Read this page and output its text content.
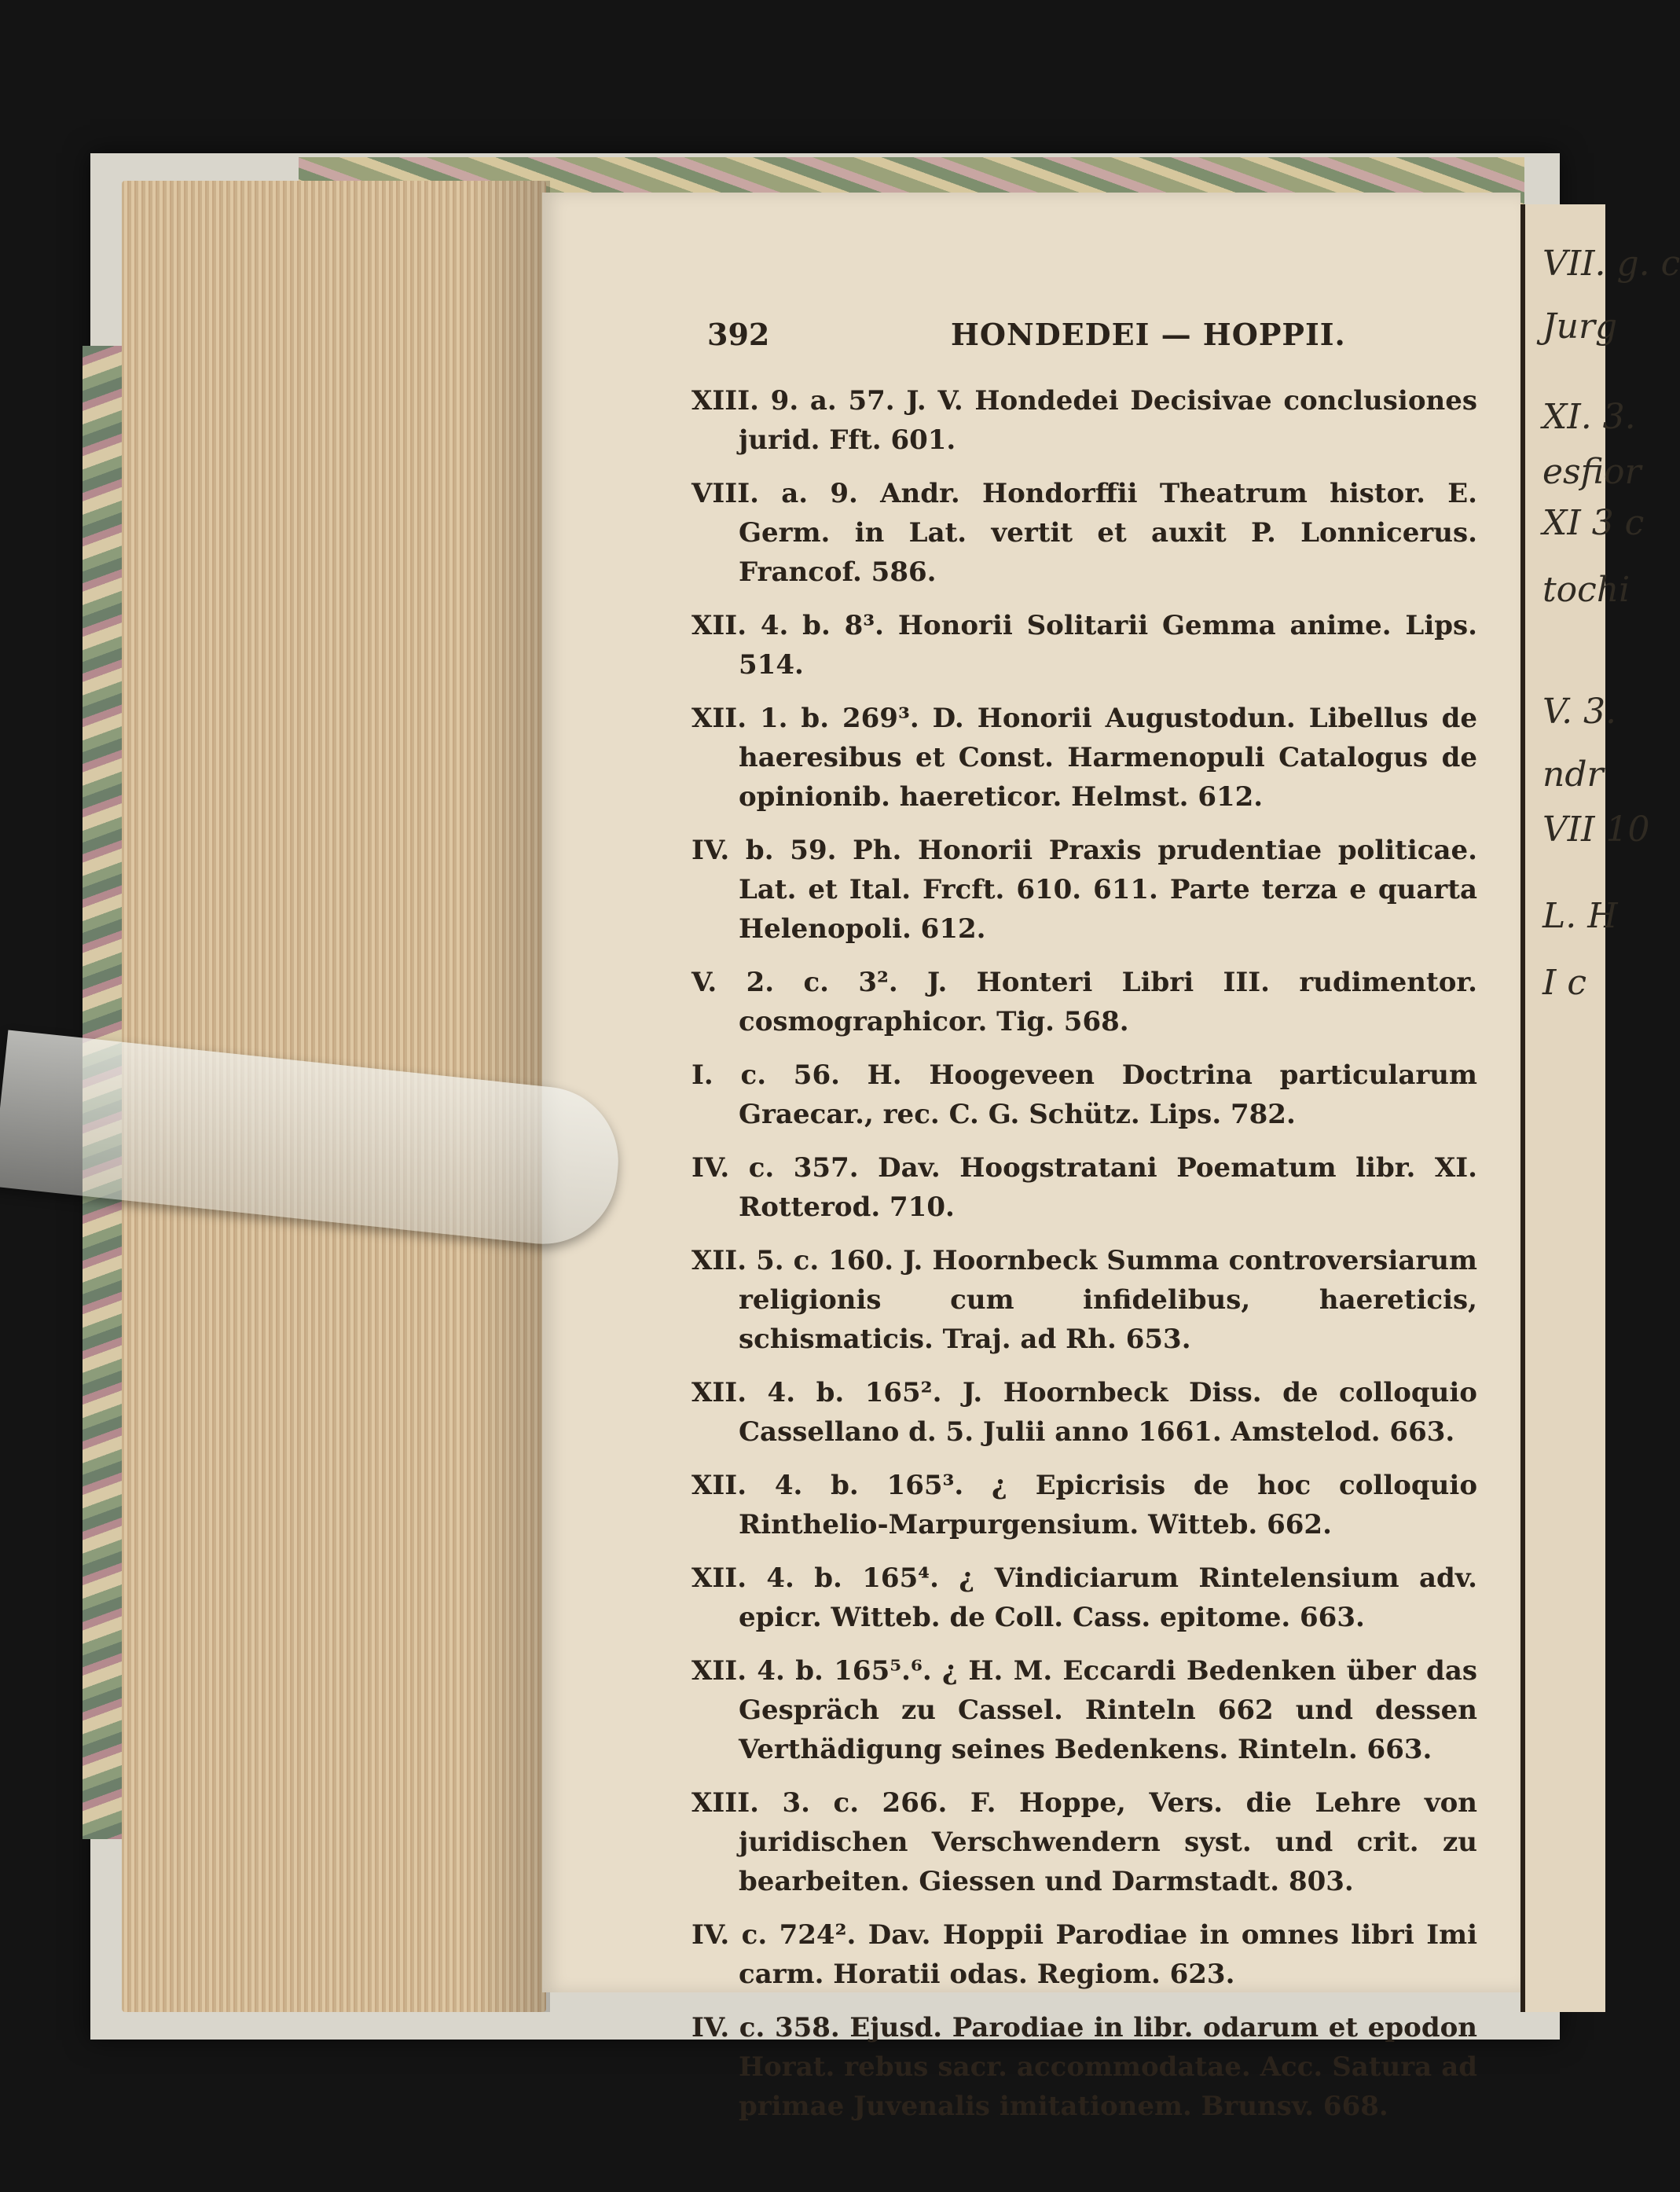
VII. g. c
Jurg
XI. 3.
esfior
XI 3 c
tochi
V. 3.
ndr
VII 10
L. H
I c
392	HONDEDEI — HOPPII.

XIII. 9. a. 57. J. V. Hondedei Decisivae conclusiones jurid. Fft. 601.

VIII. a. 9. Andr. Hondorffii Theatrum histor. E. Germ. in Lat. vertit et auxit P. Lonnicerus. Francof. 586.

XII. 4. b. 8³. Honorii Solitarii Gemma anime. Lips. 514.

XII. 1. b. 269³. D. Honorii Augustodun. Libellus de haeresibus et Const. Harmenopuli Catalogus de opinionib. haereticor. Helmst. 612.

IV. b. 59. Ph. Honorii Praxis prudentiae politicae. Lat. et Ital. Frcft. 610. 611. Parte terza e quarta Helenopoli. 612.

V. 2. c. 3². J. Honteri Libri III. rudimentor. cosmographicor. Tig. 568.

I. c. 56. H. Hoogeveen Doctrina particularum Graecar., rec. C. G. Schütz. Lips. 782.

IV. c. 357. Dav. Hoogstratani Poematum libr. XI. Rotterod. 710.

XII. 5. c. 160. J. Hoornbeck Summa controversiarum religionis cum infidelibus, haereticis, schismaticis. Traj. ad Rh. 653.

XII. 4. b. 165². J. Hoornbeck Diss. de colloquio Cassellano d. 5. Julii anno 1661. Amstelod. 663.

XII. 4. b. 165³. ¿ Epicrisis de hoc colloquio Rinthelio-Marpurgensium. Witteb. 662.

XII. 4. b. 165⁴. ¿ Vindiciarum Rintelensium adv. epicr. Witteb. de Coll. Cass. epitome. 663.

XII. 4. b. 165⁵.⁶. ¿ H. M. Eccardi Bedenken über das Gespräch zu Cassel. Rinteln 662 und dessen Verthädigung seines Bedenkens. Rinteln. 663.

XIII. 3. c. 266. F. Hoppe, Vers. die Lehre von juridischen Verschwendern syst. und crit. zu bearbeiten. Giessen und Darmstadt. 803.

IV. c. 724². Dav. Hoppii Parodiae in omnes libri Imi carm. Horatii odas. Regiom. 623.

IV. c. 358. Ejusd. Parodiae in libr. odarum et epodon Horat. rebus sacr. accommodatae. Acc. Satura ad primae Juvenalis imitationem. Brunsv. 668.
